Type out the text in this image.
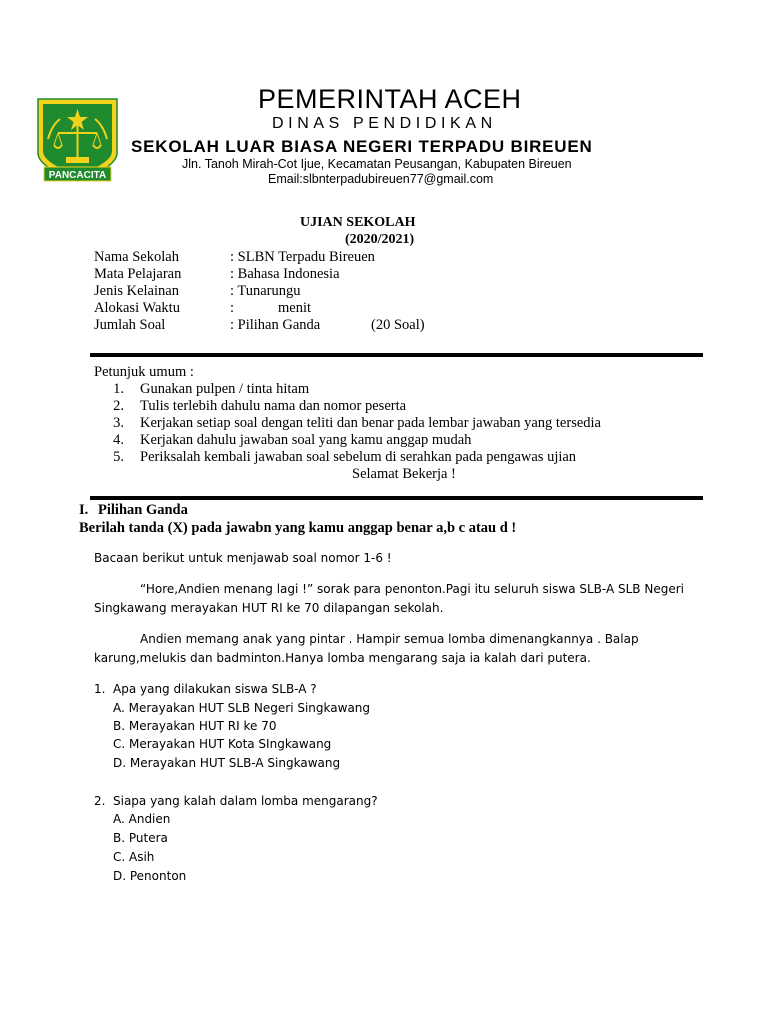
PANCACITA
PEMERINTAH ACEH
DINAS PENDIDIKAN
SEKOLAH LUAR BIASA NEGERI TERPADU BIREUEN
Jln. Tanoh Mirah-Cot Ijue, Kecamatan Peusangan, Kabupaten Bireuen
Email:slbnterpadubireuen77@gmail.com
UJIAN SEKOLAH
(2020/2021)
Nama Sekolah	: SLBN Terpadu Bireuen
Mata Pelajaran	: Bahasa Indonesia
Jenis Kelainan	: Tunarungu
Alokasi Waktu	:	menit
Jumlah Soal	: Pilihan Ganda	(20 Soal)
Petunjuk umum :
1. Gunakan pulpen / tinta hitam
2. Tulis terlebih dahulu nama dan nomor peserta
3. Kerjakan setiap soal dengan teliti dan benar pada lembar jawaban yang tersedia
4. Kerjakan dahulu jawaban soal yang kamu anggap mudah
5. Periksalah kembali jawaban soal sebelum di serahkan pada pengawas ujian
Selamat Bekerja !
I. Pilihan Ganda
Berilah tanda (X) pada jawabn yang kamu anggap benar a,b c atau d !
Bacaan berikut untuk menjawab soal nomor 1-6 !
“Hore,Andien menang lagi !” sorak para penonton.Pagi itu seluruh siswa SLB-A SLB Negeri
Singkawang merayakan HUT RI ke 70 dilapangan sekolah.
Andien memang anak yang pintar . Hampir semua lomba dimenangkannya . Balap
karung,melukis dan badminton.Hanya lomba mengarang saja ia kalah dari putera.
1. Apa yang dilakukan siswa SLB-A ?
A. Merayakan HUT SLB Negeri Singkawang
B. Merayakan HUT RI ke 70
C. Merayakan HUT Kota SIngkawang
D. Merayakan HUT SLB-A Singkawang
2. Siapa yang kalah dalam lomba mengarang?
A. Andien
B. Putera
C. Asih
D. Penonton
